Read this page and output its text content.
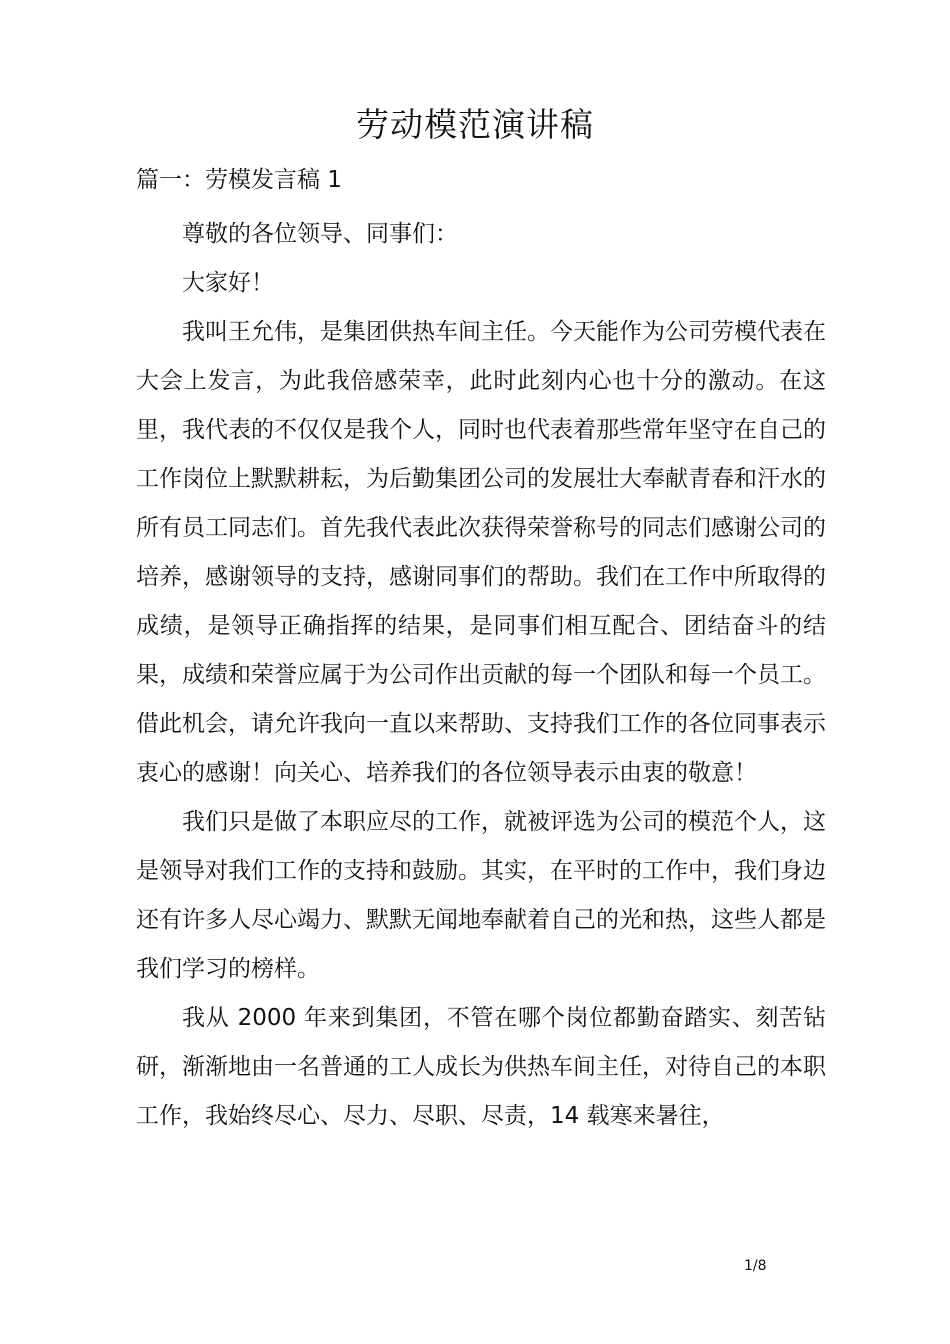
劳动模范演讲稿
篇一：劳模发言稿 1

尊敬的各位领导、同事们：

大家好！

我叫王允伟，是集团供热车间主任。今天能作为公司劳模代表在大会上发言，为此我倍感荣幸，此时此刻内心也十分的激动。在这里，我代表的不仅仅是我个人，同时也代表着那些常年坚守在自己的工作岗位上默默耕耘，为后勤集团公司的发展壮大奉献青春和汗水的所有员工同志们。首先我代表此次获得荣誉称号的同志们感谢公司的培养，感谢领导的支持，感谢同事们的帮助。我们在工作中所取得的成绩，是领导正确指挥的结果，是同事们相互配合、团结奋斗的结果，成绩和荣誉应属于为公司作出贡献的每一个团队和每一个员工。借此机会，请允许我向一直以来帮助、支持我们工作的各位同事表示衷心的感谢！向关心、培养我们的各位领导表示由衷的敬意！

我们只是做了本职应尽的工作，就被评选为公司的模范个人，这是领导对我们工作的支持和鼓励。其实，在平时的工作中，我们身边还有许多人尽心竭力、默默无闻地奉献着自己的光和热，这些人都是我们学习的榜样。

我从 2000 年来到集团，不管在哪个岗位都勤奋踏实、刻苦钻研，渐渐地由一名普通的工人成长为供热车间主任，对待自己的本职工作，我始终尽心、尽力、尽职、尽责，14 载寒来暑往，

1/8
